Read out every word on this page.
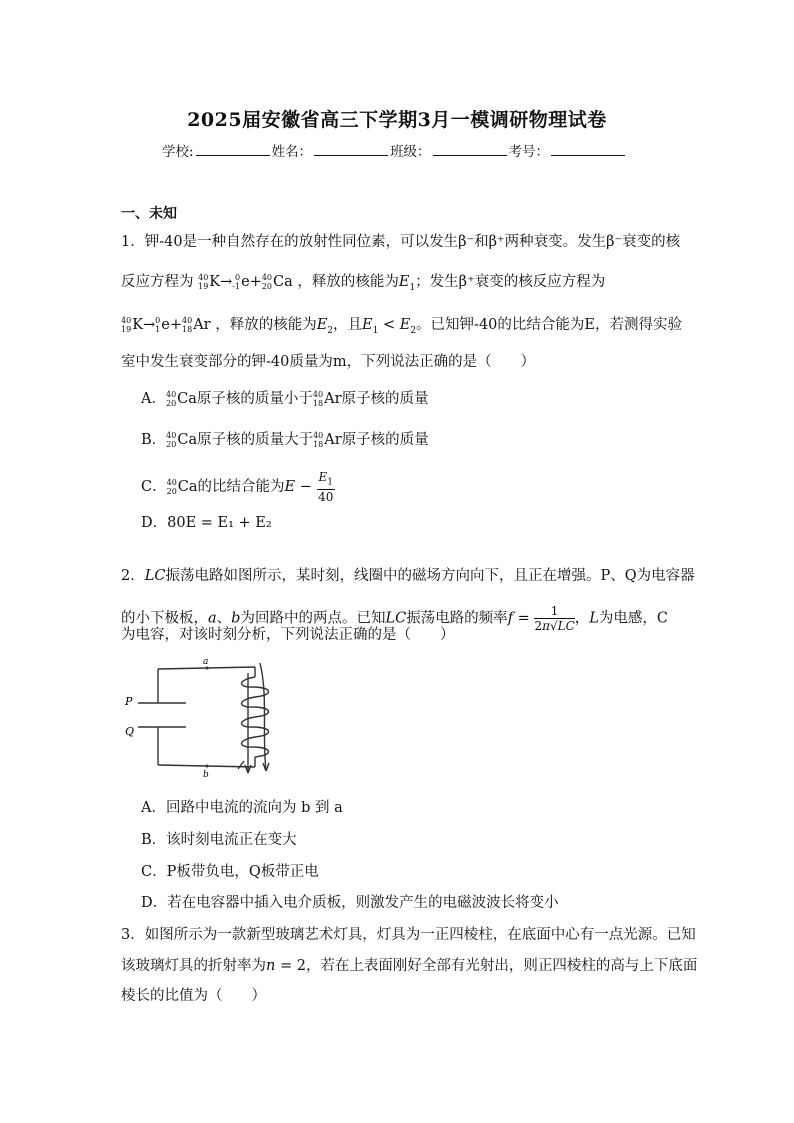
2025届安徽省高三下学期3月一模调研物理试卷
学校:	姓名：	班级：	考号：
一、未知
1．钾-40是一种自然存在的放射性同位素，可以发生β⁻和β⁺两种衰变。发生β⁻衰变的核
反应方程为 40
19K→ 0
-1e+40
20Ca ，释放的核能为$E_1$；发生β⁺衰变的核反应方程为
40
19K→0
1e+40
18Ar ，释放的核能为$E_2$，且$E_1 < E_2$。已知钾-40的比结合能为E，若测得实验
室中发生衰变部分的钾-40质量为m，下列说法正确的是（　　）
A．40
20Ca原子核的质量小于40
18Ar原子核的质量
B．40
20Ca原子核的质量大于40
18Ar原子核的质量
C．40
20Ca的比结合能为$E - \frac{E_1}{40}$
D．80E = E₁ + E₂
2．LC振荡电路如图所示，某时刻，线圈中的磁场方向向下，且正在增强。P、Q为电容器
的小下极板，a、b为回路中的两点。已知LC振荡电路的频率$f = \frac{1}{2\pi√LC}$ ，L为电感，C
为电容，对该时刻分析，下列说法正确的是（　　）
a
b
P
Q
A．回路中电流的流向为 b 到 a
B．该时刻电流正在变大
C．P板带负电，Q板带正电
D．若在电容器中插入电介质板，则激发产生的电磁波波长将变小
3．如图所示为一款新型玻璃艺术灯具，灯具为一正四棱柱，在底面中心有一点光源。已知
该玻璃灯具的折射率为n = 2，若在上表面刚好全部有光射出，则正四棱柱的高与上下底面
棱长的比值为（　　）
